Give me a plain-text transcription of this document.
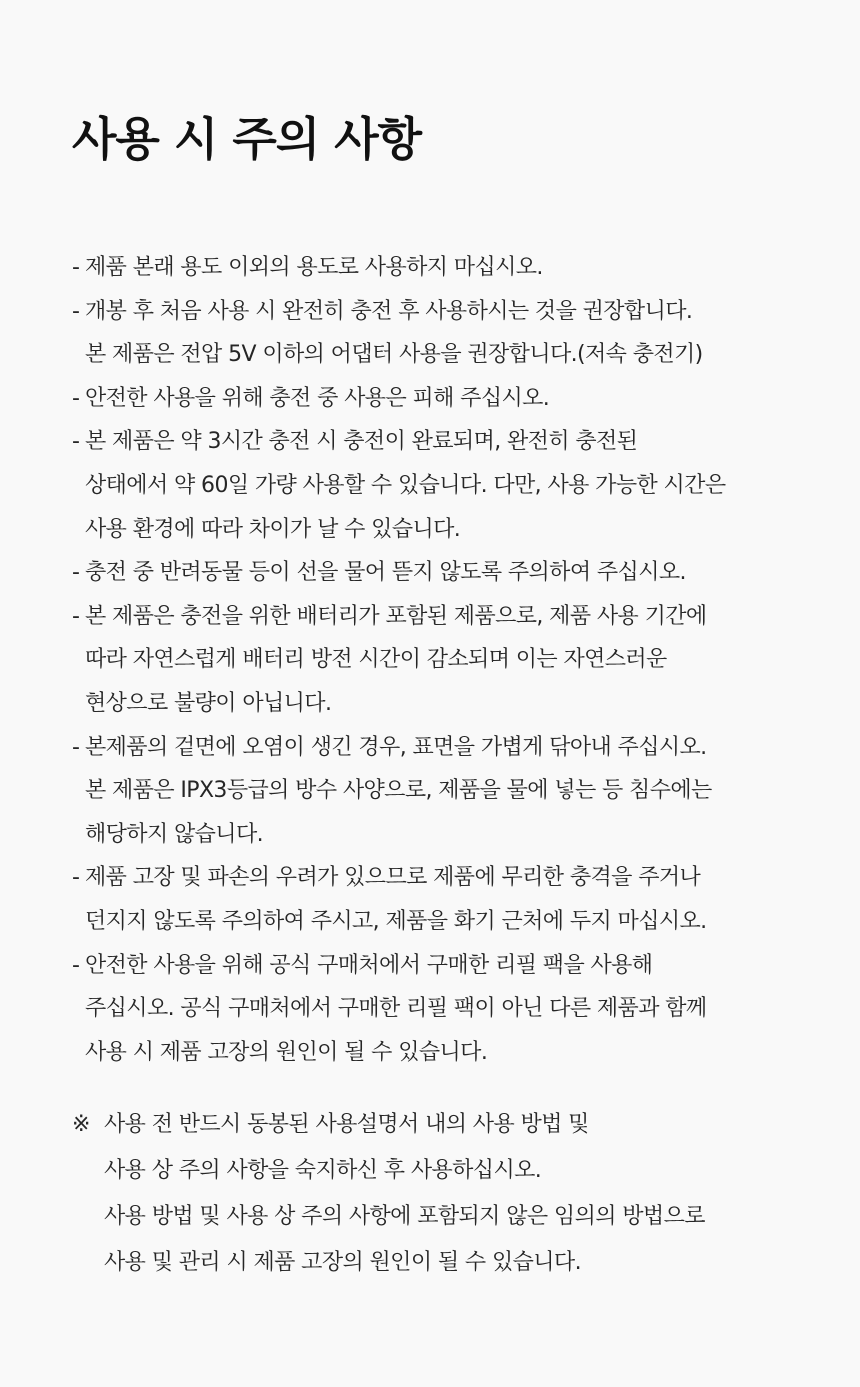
사용 시 주의 사항
- 제품 본래 용도 이외의 용도로 사용하지 마십시오.
- 개봉 후 처음 사용 시 완전히 충전 후 사용하시는 것을 권장합니다.
본 제품은 전압 5V 이하의 어댑터 사용을 권장합니다.(저속 충전기)
- 안전한 사용을 위해 충전 중 사용은 피해 주십시오.
- 본 제품은 약 3시간 충전 시 충전이 완료되며, 완전히 충전된
상태에서 약 60일 가량 사용할 수 있습니다. 다만, 사용 가능한 시간은
사용 환경에 따라 차이가 날 수 있습니다.
- 충전 중 반려동물 등이 선을 물어 뜯지 않도록 주의하여 주십시오.
- 본 제품은 충전을 위한 배터리가 포함된 제품으로, 제품 사용 기간에
따라 자연스럽게 배터리 방전 시간이 감소되며 이는 자연스러운
현상으로 불량이 아닙니다.
- 본제품의 겉면에 오염이 생긴 경우, 표면을 가볍게 닦아내 주십시오.
본 제품은 IPX3등급의 방수 사양으로, 제품을 물에 넣는 등 침수에는
해당하지 않습니다.
- 제품 고장 및 파손의 우려가 있으므로 제품에 무리한 충격을 주거나
던지지 않도록 주의하여 주시고, 제품을 화기 근처에 두지 마십시오.
- 안전한 사용을 위해 공식 구매처에서 구매한 리필 팩을 사용해
주십시오. 공식 구매처에서 구매한 리필 팩이 아닌 다른 제품과 함께
사용 시 제품 고장의 원인이 될 수 있습니다.
※ 사용 전 반드시 동봉된 사용설명서 내의 사용 방법 및
사용 상 주의 사항을 숙지하신 후 사용하십시오.
사용 방법 및 사용 상 주의 사항에 포함되지 않은 임의의 방법으로
사용 및 관리 시 제품 고장의 원인이 될 수 있습니다.
